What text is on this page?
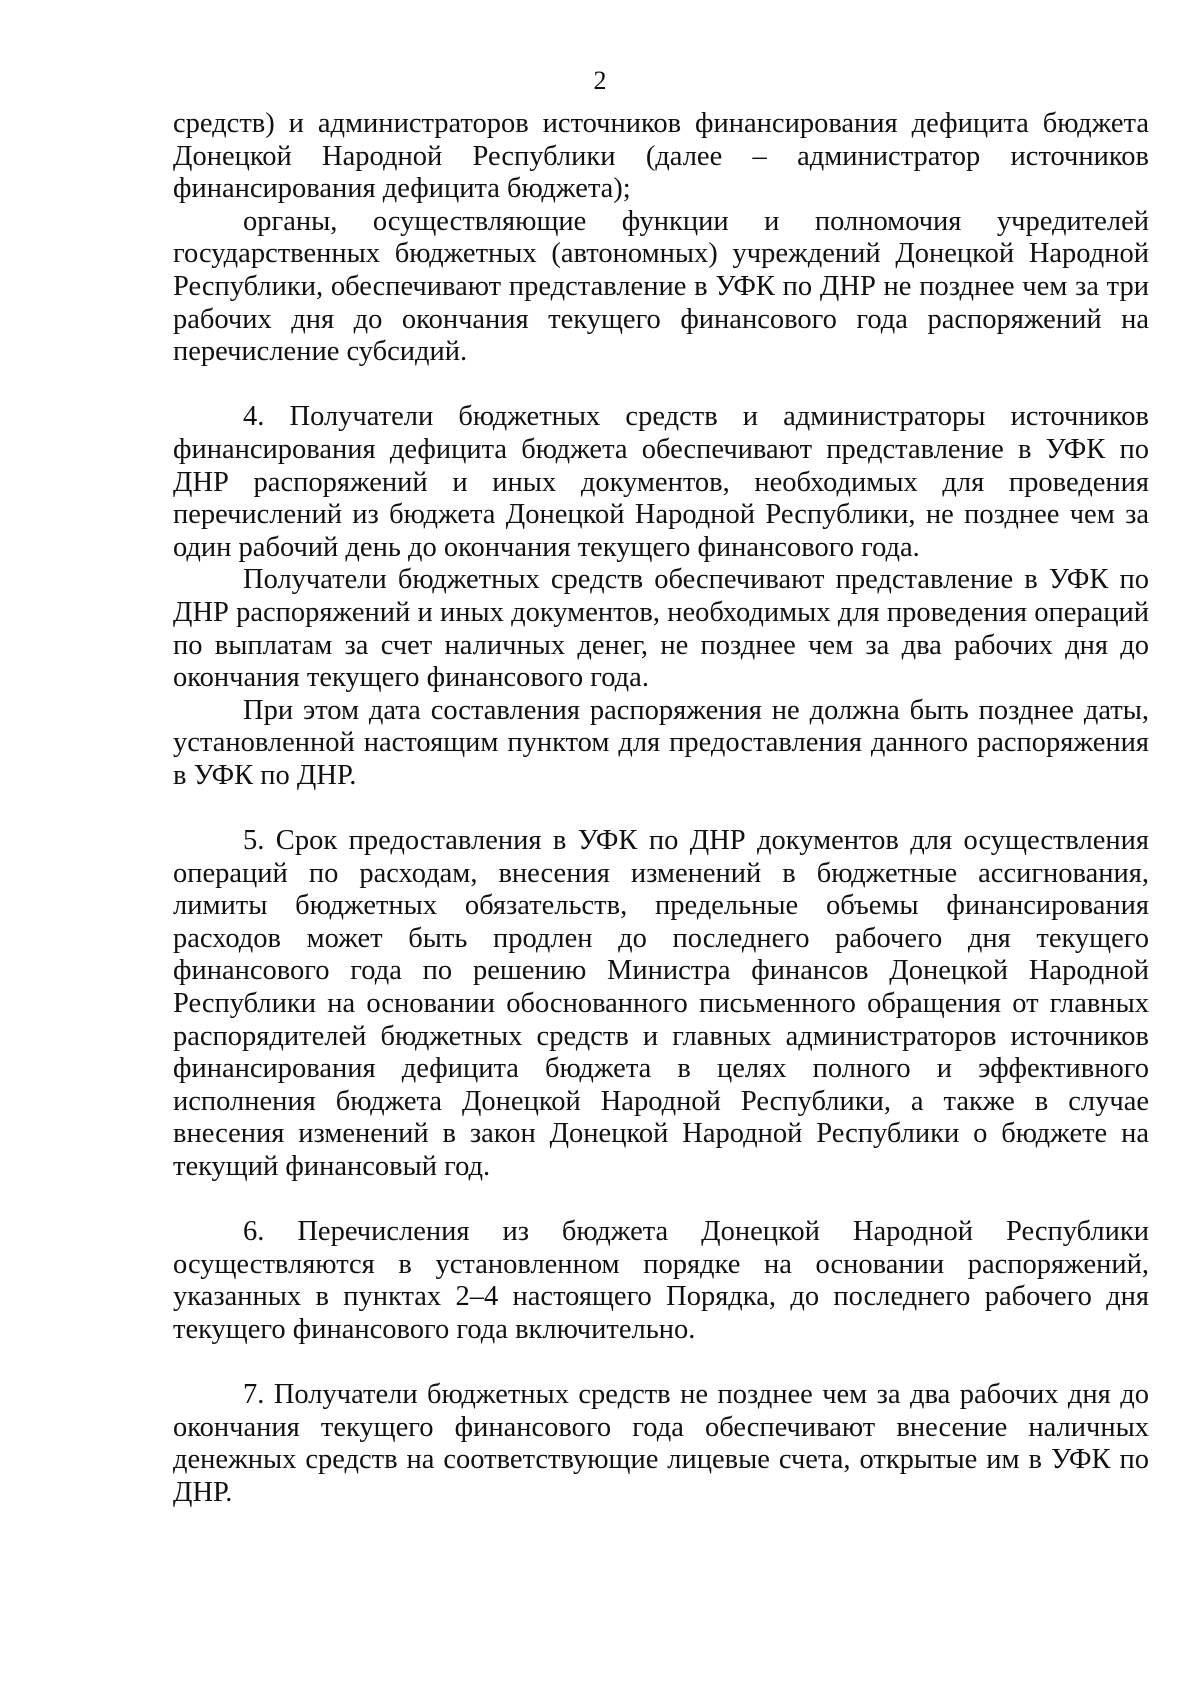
2

средств) и администраторов источников финансирования дефицита бюджета Донецкой Народной Республики (далее – администратор источников финансирования дефицита бюджета);

органы, осуществляющие функции и полномочия учредителей государственных бюджетных (автономных) учреждений Донецкой Народной Республики, обеспечивают представление в УФК по ДНР не позднее чем за три рабочих дня до окончания текущего финансового года распоряжений на перечисление субсидий.

4. Получатели бюджетных средств и администраторы источников финансирования дефицита бюджета обеспечивают представление в УФК по ДНР распоряжений и иных документов, необходимых для проведения перечислений из бюджета Донецкой Народной Республики, не позднее чем за один рабочий день до окончания текущего финансового года.

Получатели бюджетных средств обеспечивают представление в УФК по ДНР распоряжений и иных документов, необходимых для проведения операций по выплатам за счет наличных денег, не позднее чем за два рабочих дня до окончания текущего финансового года.

При этом дата составления распоряжения не должна быть позднее даты, установленной настоящим пунктом для предоставления данного распоряжения в УФК по ДНР.

5. Срок предоставления в УФК по ДНР документов для осуществления операций по расходам, внесения изменений в бюджетные ассигнования, лимиты бюджетных обязательств, предельные объемы финансирования расходов может быть продлен до последнего рабочего дня текущего финансового года по решению Министра финансов Донецкой Народной Республики на основании обоснованного письменного обращения от главных распорядителей бюджетных средств и главных администраторов источников финансирования дефицита бюджета в целях полного и эффективного исполнения бюджета Донецкой Народной Республики, а также в случае внесения изменений в закон Донецкой Народной Республики о бюджете на текущий финансовый год.

6. Перечисления из бюджета Донецкой Народной Республики осуществляются в установленном порядке на основании распоряжений, указанных в пунктах 2–4 настоящего Порядка, до последнего рабочего дня текущего финансового года включительно.

7. Получатели бюджетных средств не позднее чем за два рабочих дня до окончания текущего финансового года обеспечивают внесение наличных денежных средств на соответствующие лицевые счета, открытые им в УФК по ДНР.
